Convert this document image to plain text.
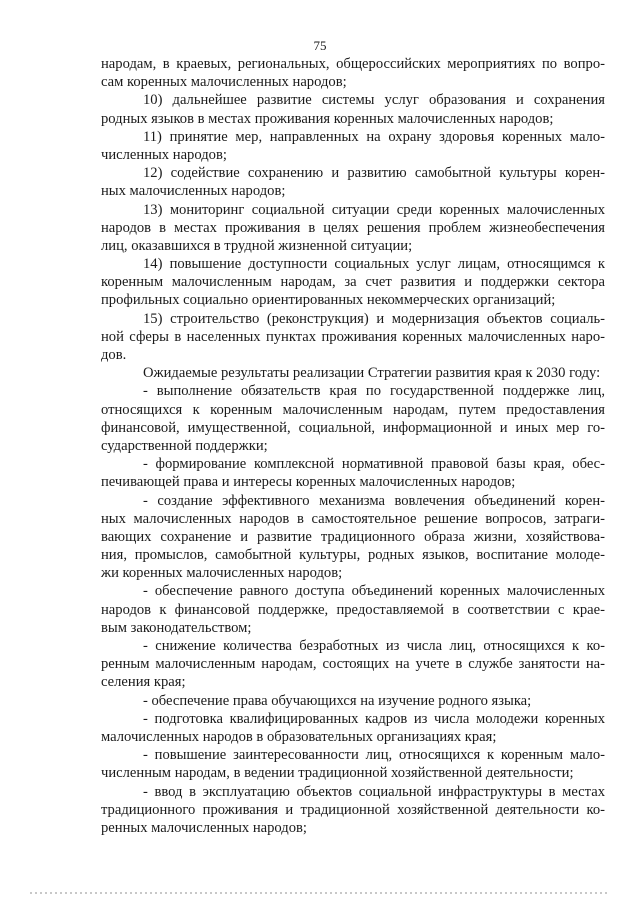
75
народам, в краевых, региональных, общероссийских мероприятиях по вопро-
сам коренных малочисленных народов;
10) дальнейшее развитие системы услуг образования и сохранения
родных языков в местах проживания коренных малочисленных народов;
11) принятие мер, направленных на охрану здоровья коренных мало-
численных народов;
12) содействие сохранению и развитию самобытной культуры корен-
ных малочисленных народов;
13) мониторинг социальной ситуации среди коренных малочисленных
народов в местах проживания в целях решения проблем жизнеобеспечения
лиц, оказавшихся в трудной жизненной ситуации;
14) повышение доступности социальных услуг лицам, относящимся к
коренным малочисленным народам, за счет развития и поддержки сектора
профильных социально ориентированных некоммерческих организаций;
15) строительство (реконструкция) и модернизация объектов социаль-
ной сферы в населенных пунктах проживания коренных малочисленных наро-
дов.
Ожидаемые результаты реализации Стратегии развития края к 2030 году:
- выполнение обязательств края по государственной поддержке лиц,
относящихся к коренным малочисленным народам, путем предоставления
финансовой, имущественной, социальной, информационной и иных мер го-
сударственной поддержки;
- формирование комплексной нормативной правовой базы края, обес-
печивающей права и интересы коренных малочисленных народов;
- создание эффективного механизма вовлечения объединений корен-
ных малочисленных народов в самостоятельное решение вопросов, затраги-
вающих сохранение и развитие традиционного образа жизни, хозяйствова-
ния, промыслов, самобытной культуры, родных языков, воспитание молоде-
жи коренных малочисленных народов;
- обеспечение равного доступа объединений коренных малочисленных
народов к финансовой поддержке, предоставляемой в соответствии с крае-
вым законодательством;
- снижение количества безработных из числа лиц, относящихся к ко-
ренным малочисленным народам, состоящих на учете в службе занятости на-
селения края;
- обеспечение права обучающихся на изучение родного языка;
- подготовка квалифицированных кадров из числа молодежи коренных
малочисленных народов в образовательных организациях края;
- повышение заинтересованности лиц, относящихся к коренным мало-
численным народам, в ведении традиционной хозяйственной деятельности;
- ввод в эксплуатацию объектов социальной инфраструктуры в местах
традиционного проживания и традиционной хозяйственной деятельности ко-
ренных малочисленных народов;
